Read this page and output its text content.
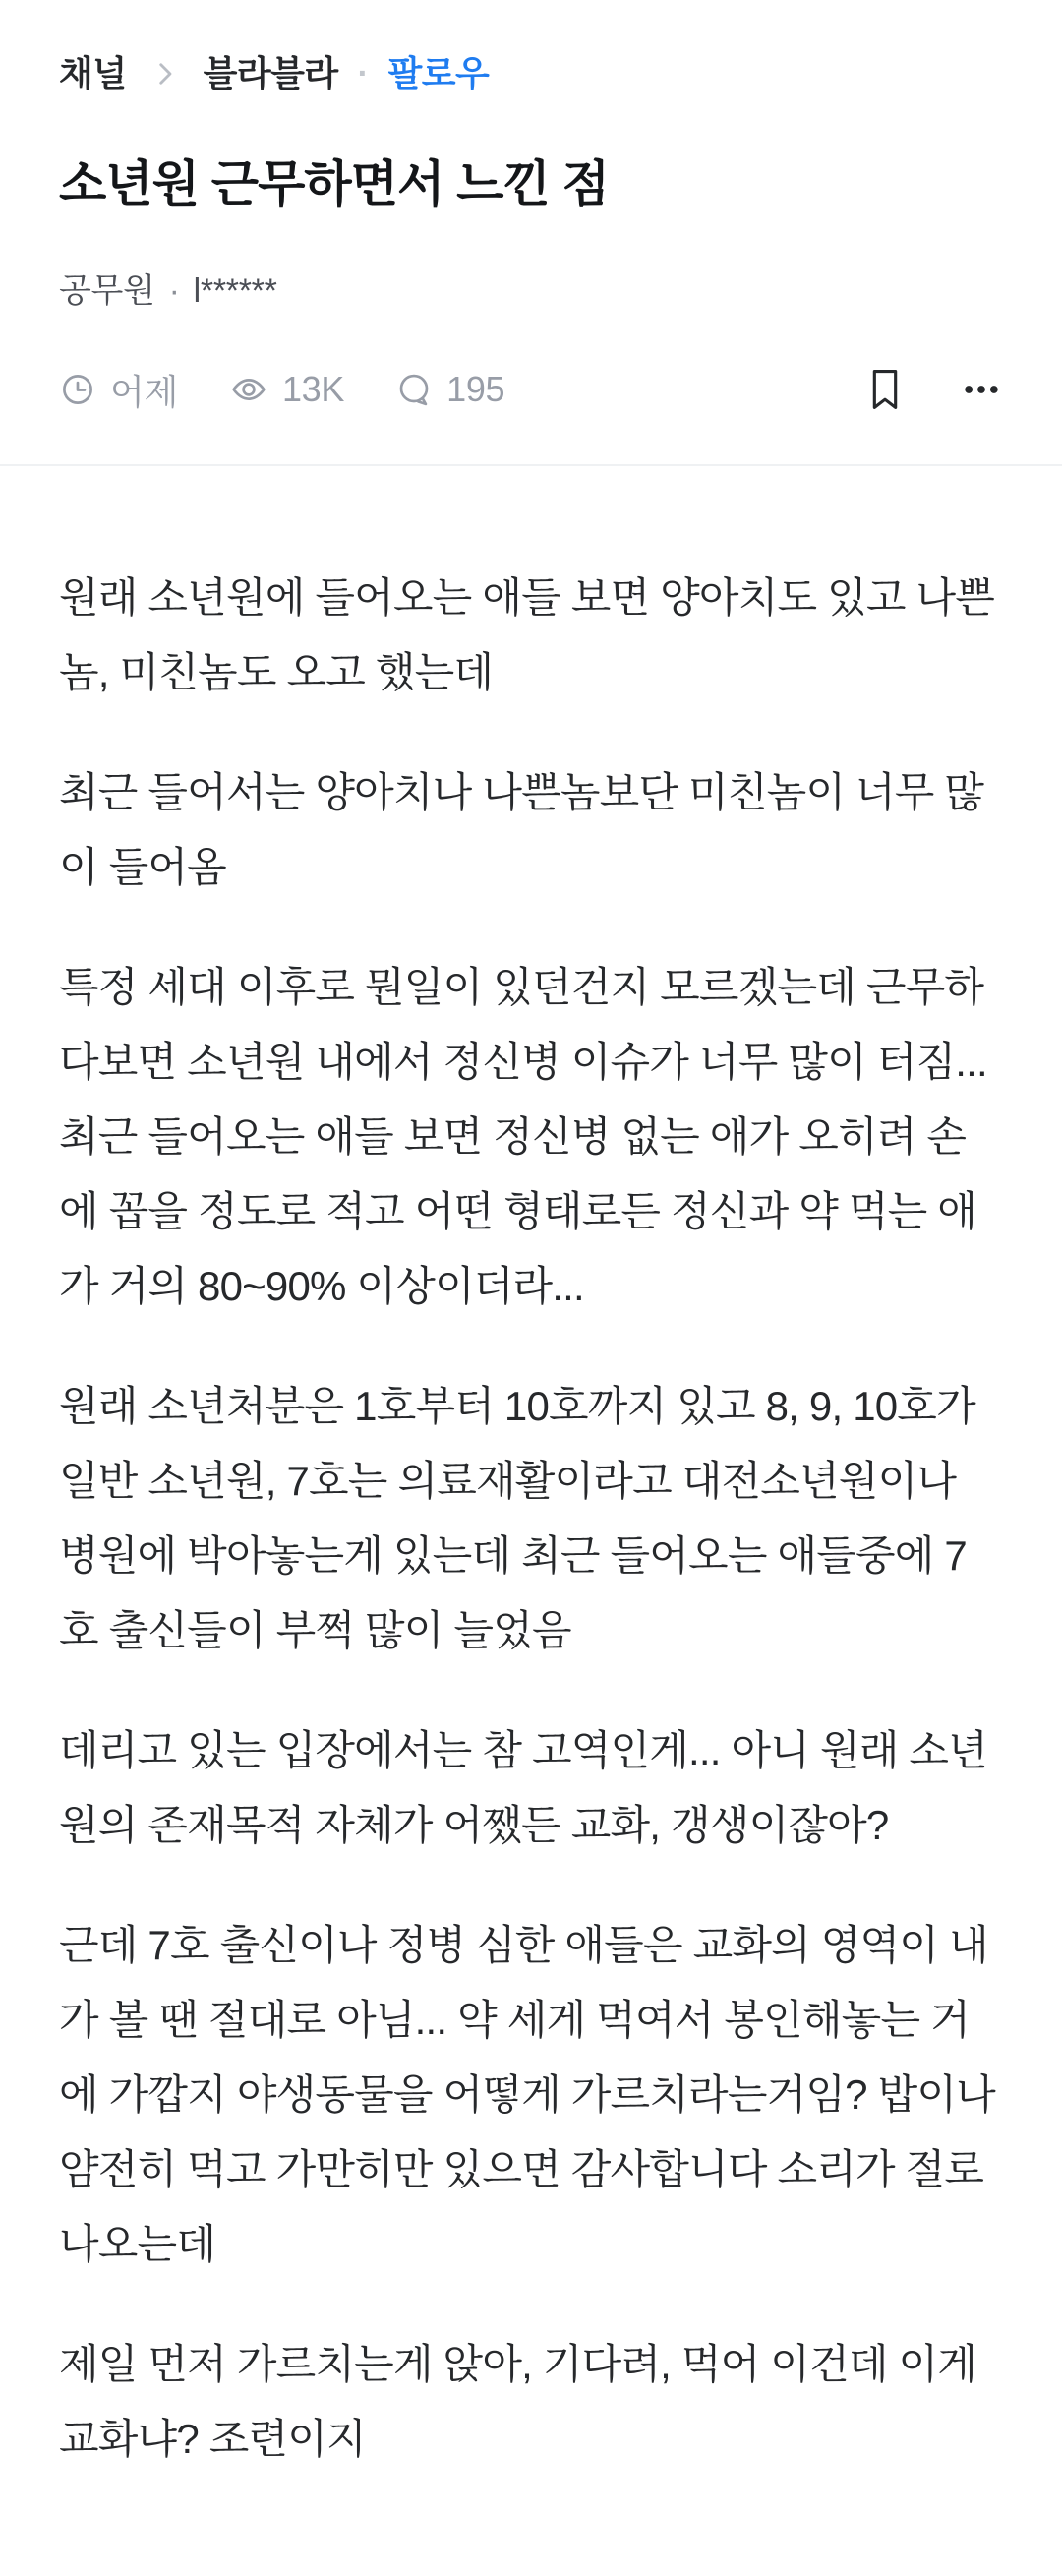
채널 블라블라 · 팔로우
소년원 근무하면서 느낀 점
공무원 · l******
어제	13K	195

원래 소년원에 들어오는 애들 보면 양아치도 있고 나쁜 놈, 미친놈도 오고 했는데

최근 들어서는 양아치나 나쁜놈보단 미친놈이 너무 많이 들어옴

특정 세대 이후로 뭔일이 있던건지 모르겠는데 근무하다보면 소년원 내에서 정신병 이슈가 너무 많이 터짐... 최근 들어오는 애들 보면 정신병 없는 애가 오히려 손에 꼽을 정도로 적고 어떤 형태로든 정신과 약 먹는 애가 거의 80~90% 이상이더라...

원래 소년처분은 1호부터 10호까지 있고 8, 9, 10호가 일반 소년원, 7호는 의료재활이라고 대전소년원이나 병원에 박아놓는게 있는데 최근 들어오는 애들중에 7호 출신들이 부쩍 많이 늘었음

데리고 있는 입장에서는 참 고역인게... 아니 원래 소년원의 존재목적 자체가 어쨌든 교화, 갱생이잖아?

근데 7호 출신이나 정병 심한 애들은 교화의 영역이 내가 볼 땐 절대로 아님... 약 세게 먹여서 봉인해놓는 거에 가깝지 야생동물을 어떻게 가르치라는거임? 밥이나 얌전히 먹고 가만히만 있으면 감사합니다 소리가 절로 나오는데

제일 먼저 가르치는게 앉아, 기다려, 먹어 이건데 이게 교화냐? 조련이지
